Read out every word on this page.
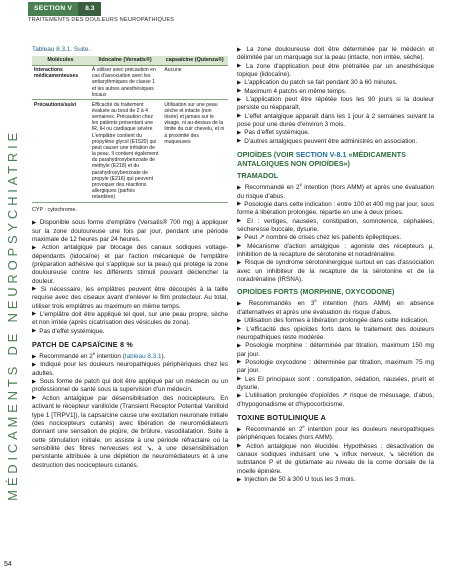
SECTION V	8.3
TRAITEMENTS DES DOULEURS NEUROPATHIQUES
MÉDICAMENTS DE NEUROPSYCHIATRIE
Tableau 8.3.1. Suite.
Molécules	lidocaïne (Versatis®)	capsaïcine (Qutenza®)
Interactions médicamenteuses	À utiliser avec précaution en cas d'association avec les antiarythmiques de classe 1 et les autres anesthésiques locaux	Aucune
Précautions/suivi	Efficacité du traitement évaluée au bout de 2 à 4 semaines. Précaution chez les patients présentant une IR, IH ou cardiaque sévère L'emplâtre contient du propylène glycol (E1520) qui peut causer une irritation de la peau. Il contient également du parahydroxybenzoate de méthyle (E218) et du parahydroxybenzoate de propyle (E216) qui peuvent provoquer des réactions allergiques (parfois retardées)	Utilisation sur une peau sèche et intacte (non lésée) et jamais sur le visage, ni au-dessus de la limite du cuir chevelu, et ni à proximité des muqueuses
CYP : cytochrome.

▶ Disponible sous forme d'emplâtre (Versatis® 700 mg) à appliquer sur la zone douloureuse une fois par jour, pendant une période maximale de 12 heures par 24 heures.

▶ Action antalgique par blocage des canaux sodiques voltage-dépendants (lidocaïne) et par l'action mécanique de l'emplâtre (préparation adhésive qui s'applique sur la peau) qui protège la zone douloureuse contre les différents stimuli pouvant déclencher la douleur.

▶ Si nécessaire, les emplâtres peuvent être découpés à la taille requise avec des ciseaux avant d'enlever le film protecteur. Au total, utiliser trois emplâtres au maximum en même temps.

▶ L'emplâtre doit être appliqué tel quel, sur une peau propre, sèche et non irritée (après cicatrisation des vésicules de zona).

▶ Pas d'effet systémique.

PATCH DE CAPSAÏCINE 8 %

▶ Recommandé en 2e intention (tableau 8.3.1).

▶ Indiqué pour les douleurs neuropathiques périphériques chez les adultes.

▶ Sous forme de patch qui doit être appliqué par un médecin ou un professionnel de santé sous la supervision d'un médecin.

▶ Action antalgique par désensibilisation des nocicepteurs. En activant le récepteur vanilloïde (Transient Receptor Potential Vanilloid type 1 [TRPV1]), la capsaïcine cause une excitation neuronale initiale (des nocicepteurs cutanés) avec libération de neuromédiateurs donnant une sensation de piqûre, de brûlure, vasodilatation. Suite à cette stimulation initiale, on assiste à une période réfractaire où la sensibilité des fibres nerveuses est ↘, à une désensibilisation persistante attribuée à une déplétion de neuromédiateurs et à une destruction des nocicepteurs cutanés.

▶ La zone douloureuse doit être déterminée par le médecin et délimitée par un marquage sur la peau (intacte, non irritée, sèche).

▶ La zone d'application peut être prétraitée par un anesthésique topique (lidocaïne).

▶ L'application du patch se fait pendant 30 à 60 minutes.

▶ Maximum 4 patchs en même temps.

▶ L'application peut être répétée tous les 90 jours si la douleur persiste ou réapparaît.

▶ L'effet antalgique apparaît dans les 1 jour à 2 semaines suivant la pose pour une durée d'environ 3 mois.

▶ Pas d'effet systémique.

▶ D'autres antalgiques peuvent être administrés en association.

OPIOÏDES (VOIR SECTION V-8.1 «MÉDICAMENTS ANTALGIQUES NON OPIOÏDES»)
TRAMADOL

▶ Recommandé en 2e intention (hors AMM) et après une évaluation du risque d'abus.

▶ Posologie dans cette indication : entre 100 et 400 mg par jour, sous forme à libération prolongée, répartie en une à deux prises.

▶ EI : vertiges, nausées, constipation, somnolence, céphalées, sécheresse buccale, dysurie.

▶ Peut ↗ nombre de crises chez les patients épileptiques.

▶ Mécanisme d'action antalgique : agoniste des récepteurs μ, inhibition de la recapture de sérotonine et noradrénaline.

▶ Risque de syndrome sérotoninergique surtout en cas d'association avec un inhibiteur de la recapture de la sérotonine et de la noradrénaline (IRSNA).

OPIOÏDES FORTS (MORPHINE, OXYCODONE)

▶ Recommandés en 3e intention (hors AMM) en absence d'alternatives et après une évaluation du risque d'abus.

▶ Utilisation des formes à libération prolongée dans cette indication.

▶ L'efficacité des opioïdes forts dans le traitement des douleurs neuropathiques reste modérée.

▶ Posologie morphine : déterminée par titration, maximum 150 mg par jour.

▶ Posologie oxycodone : déterminée par titration, maximum 75 mg par jour.

▶ Les EI principaux sont : constipation, sédation, nausées, prurit et dysurie.

▶ L'utilisation prolongée d'opioïdes ↗ risque de mésusage, d'abus, d'hypogonadisme et d'hypocorticisme.

TOXINE BOTULINIQUE A

▶ Recommandé en 2e intention pour les douleurs neuropathiques périphériques focales (hors AMM).

▶ Action antalgique non élucidée. Hypothèses : désactivation de canaux sodiques induisant une ↘ influx nerveux, ↘ sécrétion de substance P et de glutamate au niveau de la corne dorsale de la moelle épinière.

▶ Injection de 50 à 300 U tous les 3 mois.

54
